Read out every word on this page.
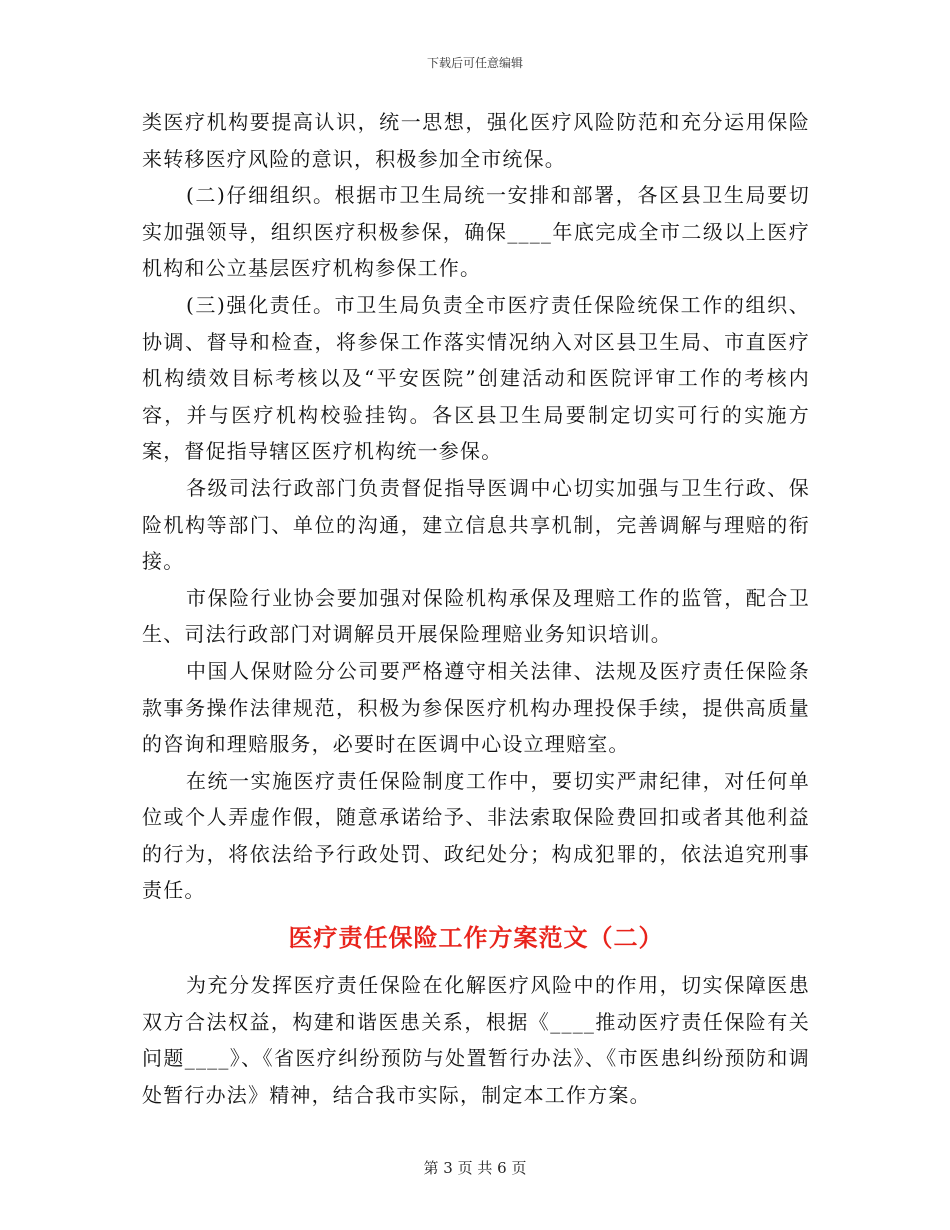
下载后可任意编辑

类医疗机构要提高认识，统一思想，强化医疗风险防范和充分运用保险来转移医疗风险的意识，积极参加全市统保。

(二)仔细组织。根据市卫生局统一安排和部署，各区县卫生局要切实加强领导，组织医疗积极参保，确保____年底完成全市二级以上医疗机构和公立基层医疗机构参保工作。

(三)强化责任。市卫生局负责全市医疗责任保险统保工作的组织、协调、督导和检查，将参保工作落实情况纳入对区县卫生局、市直医疗机构绩效目标考核以及“平安医院”创建活动和医院评审工作的考核内容，并与医疗机构校验挂钩。各区县卫生局要制定切实可行的实施方案，督促指导辖区医疗机构统一参保。

各级司法行政部门负责督促指导医调中心切实加强与卫生行政、保险机构等部门、单位的沟通，建立信息共享机制，完善调解与理赔的衔接。

市保险行业协会要加强对保险机构承保及理赔工作的监管，配合卫生、司法行政部门对调解员开展保险理赔业务知识培训。

中国人保财险分公司要严格遵守相关法律、法规及医疗责任保险条款事务操作法律规范，积极为参保医疗机构办理投保手续，提供高质量的咨询和理赔服务，必要时在医调中心设立理赔室。

在统一实施医疗责任保险制度工作中，要切实严肃纪律，对任何单位或个人弄虚作假，随意承诺给予、非法索取保险费回扣或者其他利益的行为，将依法给予行政处罚、政纪处分；构成犯罪的，依法追究刑事责任。

医疗责任保险工作方案范文（二）

为充分发挥医疗责任保险在化解医疗风险中的作用，切实保障医患双方合法权益，构建和谐医患关系，根据《____推动医疗责任保险有关问题____》、《省医疗纠纷预防与处置暂行办法》、《市医患纠纷预防和调处暂行办法》精神，结合我市实际，制定本工作方案。

第 3 页 共 6 页
